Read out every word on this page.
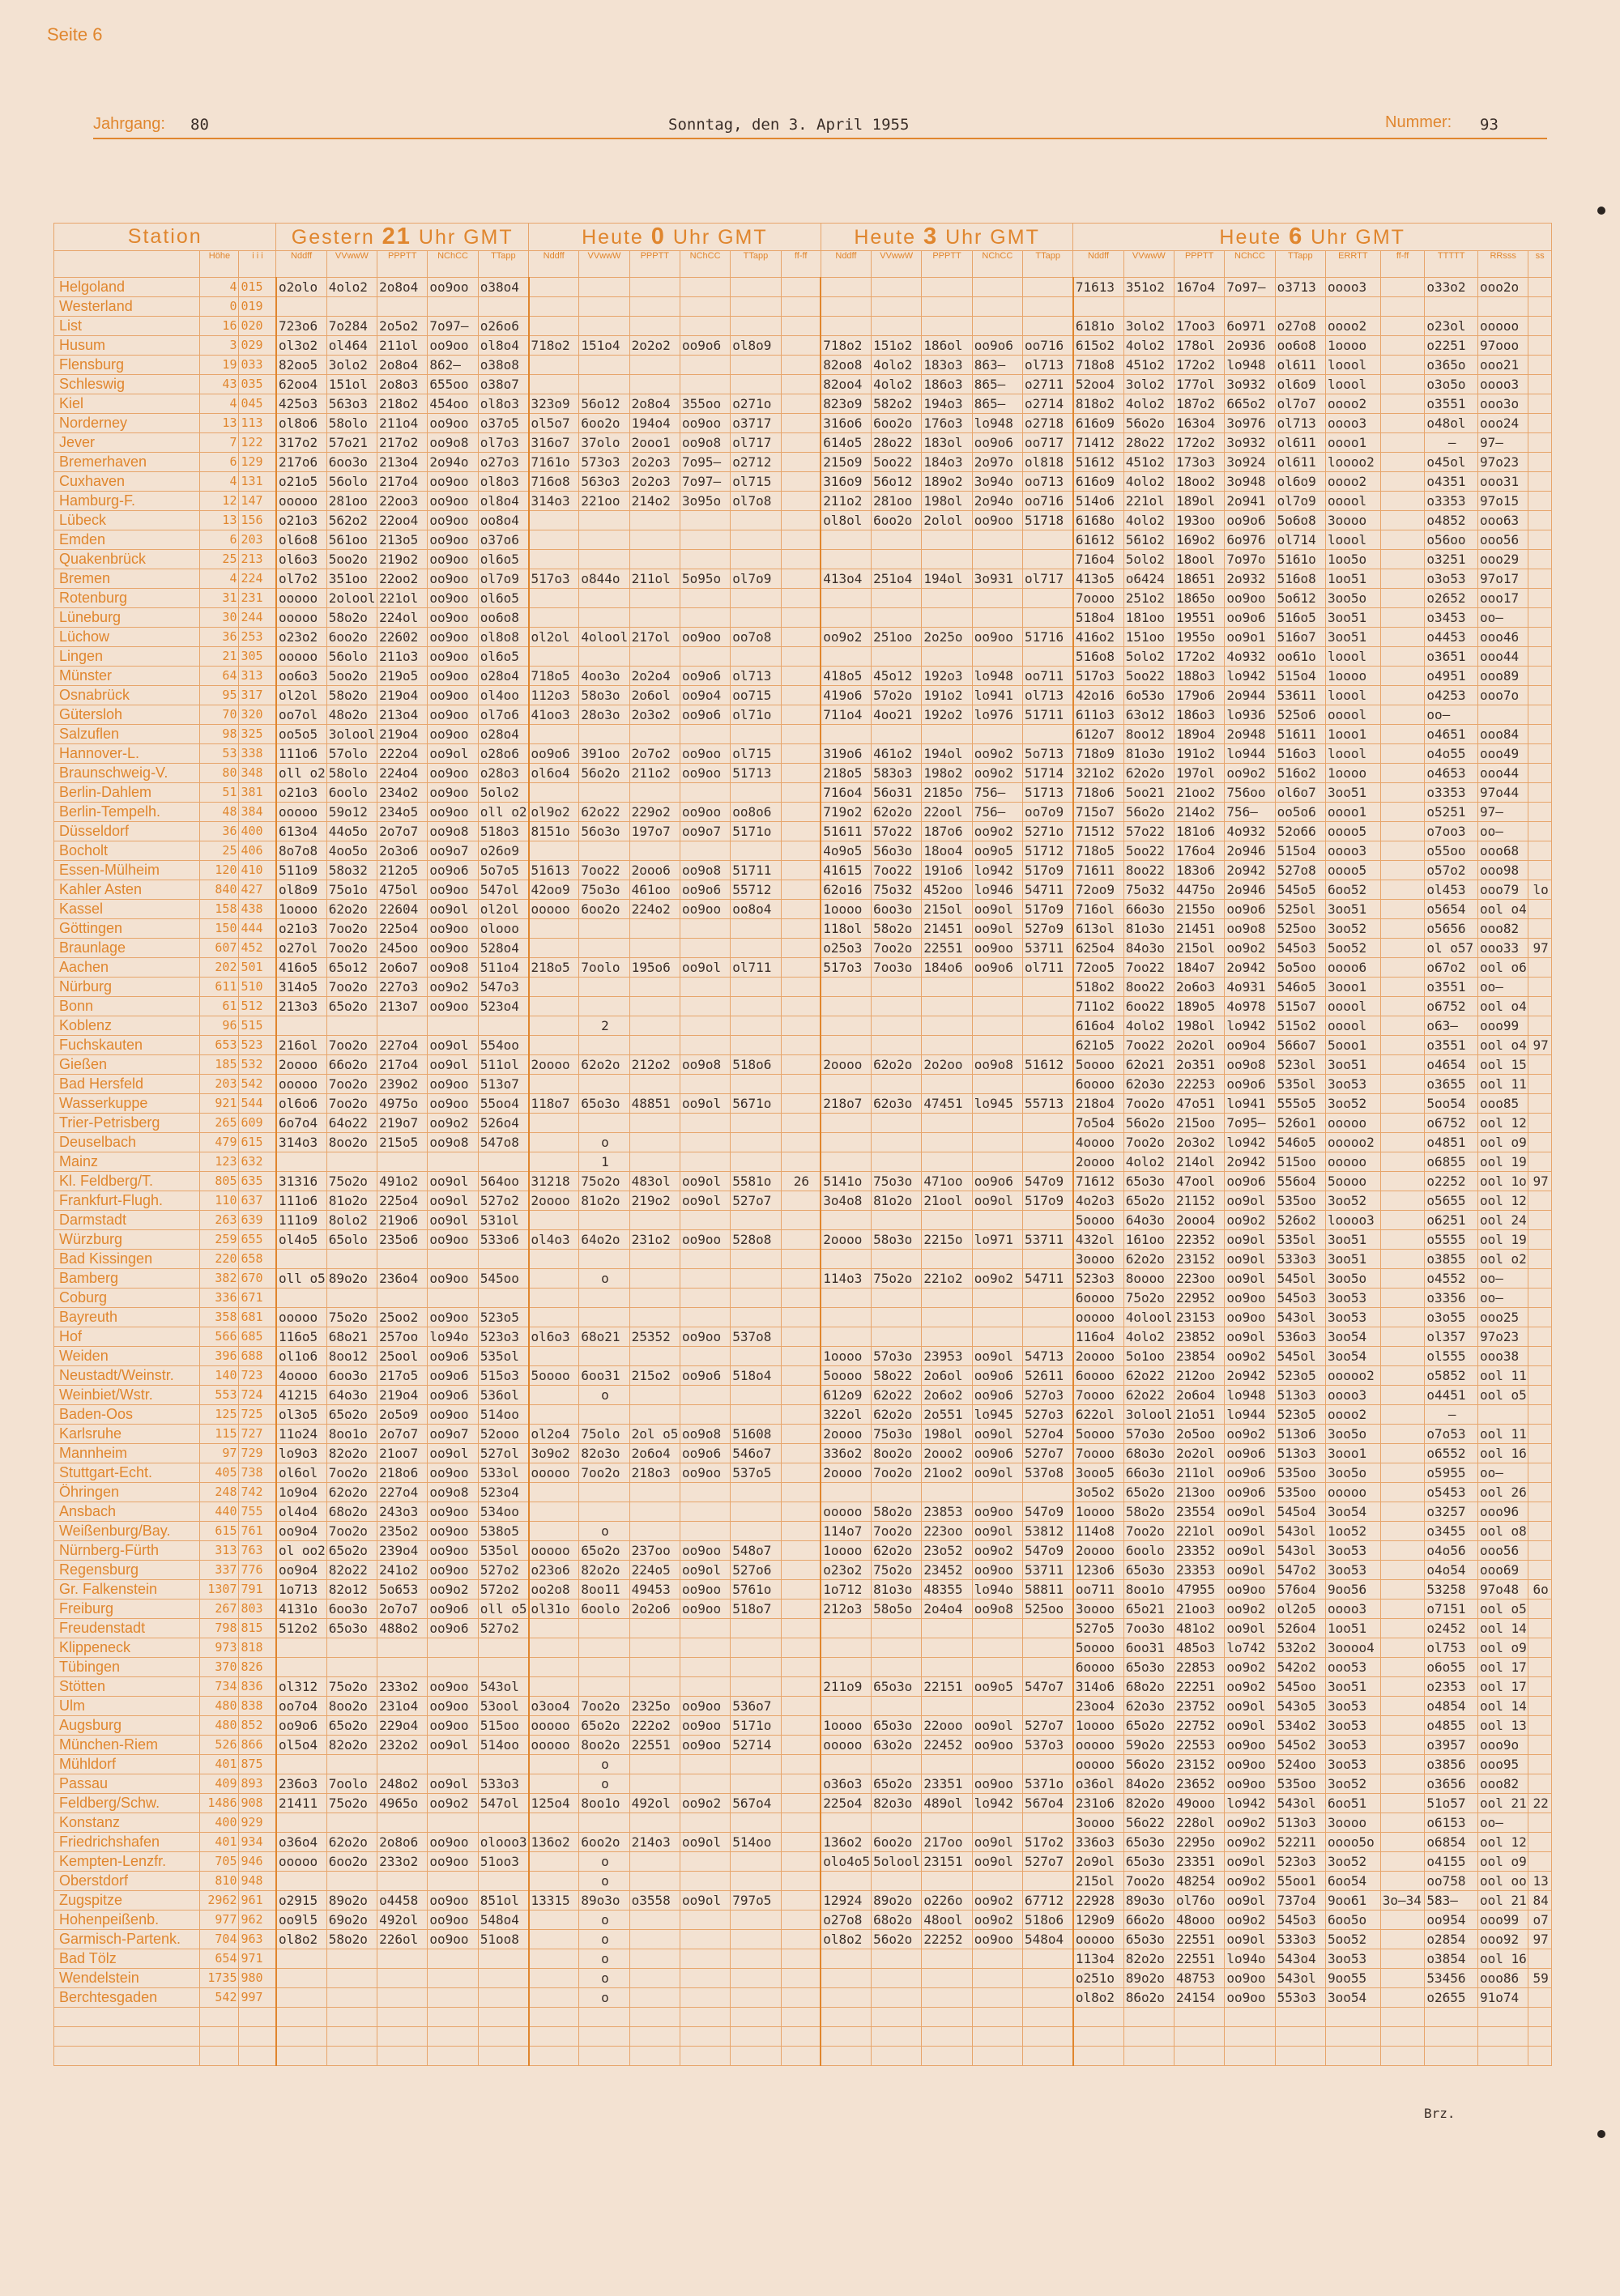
Seite 6
Jahrgang: 80	Sonntag, den 3. April 1955	Nummer: 93
Station			Gestern 21 Uhr GMT					Heute 0 Uhr GMT						Heute 3 Uhr GMT					Heute 6 Uhr GMT									
	Höhe	i i i	Nddff	VVwwW	PPPTT	NChCC	TTapp	Nddff	VVwwW	PPPTT	NChCC	TTapp	ff-ff	Nddff	VVwwW	PPPTT	NChCC	TTapp	Nddff	VVwwW	PPPTT	NChCC	TTapp	ERRTT	ff-ff	TTTTT	RRsss	ss
Helgoland	4	015	o2olo	4olo2	2o8o4	oo9oo	o38o4												71613	351o2	167o4	7o97—	o3713	oooo3		o33o2	ooo2o	
Westerland	0	019																										
List	16	020	723o6	7o284	2o5o2	7o97—	o26o6												6181o	3olo2	17oo3	6o971	o27o8	oooo2		o23ol	ooooo	
Husum	3	029	ol3o2	ol464	211ol	oo9oo	ol8o4	718o2	151o4	2o2o2	oo9o6	ol8o9		718o2	151o2	186ol	oo9o6	oo716	615o2	4olo2	178ol	2o936	oo6o8	1oooo		o2251	97ooo	
Flensburg	19	033	82oo5	3olo2	2o8o4	862—	o38o8							82oo8	4olo2	183o3	863—	ol713	718o8	451o2	172o2	lo948	ol611	loool		o365o	ooo21	
Schleswig	43	035	62oo4	151ol	2o8o3	655oo	o38o7							82oo4	4olo2	186o3	865—	o2711	52oo4	3olo2	177ol	3o932	ol6o9	loool		o3o5o	oooo3	
Kiel	4	045	425o3	563o3	218o2	454oo	ol8o3	323o9	56o12	2o8o4	355oo	o271o		823o9	582o2	194o3	865—	o2714	818o2	4olo2	187o2	665o2	ol7o7	oooo2		o3551	ooo3o	
Norderney	13	113	ol8o6	58olo	211o4	oo9oo	o37o5	ol5o7	6oo2o	194o4	oo9oo	o3717		316o6	6oo2o	176o3	lo948	o2718	616o9	56o2o	163o4	3o976	ol713	oooo3		o48ol	ooo24	
Jever	7	122	317o2	57o21	217o2	oo9o8	ol7o3	316o7	37olo	2ooo1	oo9o8	ol717		614o5	28o22	183ol	oo9o6	oo717	71412	28o22	172o2	3o932	ol611	oooo1		—	97—	
Bremerhaven	6	129	217o6	6oo3o	213o4	2o94o	o27o3	7161o	573o3	2o2o3	7o95—	o2712		215o9	5oo22	184o3	2o97o	ol818	51612	451o2	173o3	3o924	ol611	loooo2		o45ol	97o23	
Cuxhaven	4	131	o21o5	56olo	217o4	oo9oo	ol8o3	716o8	563o3	2o2o3	7o97—	ol715		316o9	56o12	189o2	3o94o	oo713	616o9	4olo2	18oo2	3o948	ol6o9	oooo2		o4351	ooo31	
Hamburg-F.	12	147	ooooo	281oo	22oo3	oo9oo	ol8o4	314o3	221oo	214o2	3o95o	ol7o8		211o2	281oo	198ol	2o94o	oo716	514o6	221ol	189ol	2o941	ol7o9	ooool		o3353	97o15	
Lübeck	13	156	o21o3	562o2	22oo4	oo9oo	oo8o4							ol8ol	6oo2o	2olol	oo9oo	51718	6168o	4olo2	193oo	oo9o6	5o6o8	3oooo		o4852	ooo63	
Emden	6	203	ol6o8	561oo	213o5	oo9oo	o37o6												61612	561o2	169o2	6o976	ol714	loool		o56oo	ooo56	
Quakenbrück	25	213	ol6o3	5oo2o	219o2	oo9oo	ol6o5												716o4	5olo2	18ool	7o97o	5161o	1oo5o		o3251	ooo29	
Bremen	4	224	ol7o2	351oo	22oo2	oo9oo	ol7o9	517o3	o844o	211ol	5o95o	ol7o9		413o4	251o4	194ol	3o931	ol717	413o5	o6424	18651	2o932	516o8	1oo51		o3o53	97o17	
Rotenburg	31	231	ooooo	2olool	221ol	oo9oo	ol6o5												7oooo	251o2	1865o	oo9oo	5o612	3oo5o		o2652	ooo17	
Lüneburg	30	244	ooooo	58o2o	224ol	oo9oo	oo6o8												518o4	181oo	19551	oo9o6	516o5	3oo51		o3453	oo—	
Lüchow	36	253	o23o2	6oo2o	22602	oo9oo	ol8o8	ol2ol	4olool	217ol	oo9oo	oo7o8		oo9o2	251oo	2o25o	oo9oo	51716	416o2	151oo	1955o	oo9o1	516o7	3oo51		o4453	ooo46	
Lingen	21	305	ooooo	56olo	211o3	oo9oo	ol6o5												516o8	5olo2	172o2	4o932	oo61o	loool		o3651	ooo44	
Münster	64	313	oo6o3	5oo2o	219o5	oo9oo	o28o4	718o5	4oo3o	2o2o4	oo9o6	ol713		418o5	45o12	192o3	lo948	oo711	517o3	5oo22	188o3	lo942	515o4	1oooo		o4951	ooo89	
Osnabrück	95	317	ol2ol	58o2o	219o4	oo9oo	ol4oo	112o3	58o3o	2o6ol	oo9o4	oo715		419o6	57o2o	191o2	lo941	ol713	42o16	6o53o	179o6	2o944	53611	loool		o4253	ooo7o	
Gütersloh	70	320	oo7ol	48o2o	213o4	oo9oo	ol7o6	41oo3	28o3o	2o3o2	oo9o6	ol71o		711o4	4oo21	192o2	lo976	51711	611o3	63o12	186o3	lo936	525o6	ooool		oo—		
Salzuflen	98	325	oo5o5	3olool	219o4	oo9oo	o28o4												612o7	8oo12	189o4	2o948	51611	1ooo1		o4651	ooo84	
Hannover-L.	53	338	111o6	57olo	222o4	oo9ol	o28o6	oo9o6	391oo	2o7o2	oo9oo	ol715		319o6	461o2	194ol	oo9o2	5o713	718o9	81o3o	191o2	lo944	516o3	loool		o4o55	ooo49	
Braunschweig-V.	80	348	oll o2	58olo	224o4	oo9oo	o28o3	ol6o4	56o2o	211o2	oo9oo	51713		218o5	583o3	198o2	oo9o2	51714	321o2	62o2o	197ol	oo9o2	516o2	1oooo		o4653	ooo44	
Berlin-Dahlem	51	381	o21o3	6oolo	234o2	oo9oo	5olo2							716o4	56o31	2185o	756—	51713	718o6	5oo21	21oo2	756oo	ol6o7	3oo51		o3353	97o44	
Berlin-Tempelh.	48	384	ooooo	59o12	234o5	oo9oo	oll o2	ol9o2	62o22	229o2	oo9oo	oo8o6		719o2	62o2o	22ool	756—	oo7o9	715o7	56o2o	214o2	756—	oo5o6	oooo1		o5251	97—	
Düsseldorf	36	400	613o4	44o5o	2o7o7	oo9o8	518o3	8151o	56o3o	197o7	oo9o7	5171o		51611	57o22	187o6	oo9o2	5271o	71512	57o22	181o6	4o932	52o66	oooo5		o7oo3	oo—	
Bocholt	25	406	8o7o8	4oo5o	2o3o6	oo9o7	o26o9							4o9o5	56o3o	18oo4	oo9o5	51712	718o5	5oo22	176o4	2o946	515o4	oooo3		o55oo	ooo68	
Essen-Mülheim	120	410	511o9	58o32	212o5	oo9o6	5o7o5	51613	7oo22	2ooo6	oo9o8	51711		41615	7oo22	191o6	lo942	517o9	71611	8oo22	183o6	2o942	527o8	oooo5		o57o2	ooo98	
Kahler Asten	840	427	ol8o9	75o1o	475ol	oo9oo	547ol	42oo9	75o3o	461oo	oo9o6	55712		62o16	75o32	452oo	lo946	54711	72oo9	75o32	4475o	2o946	545o5	6oo52		ol453	ooo79	lo
Kassel	158	438	1oooo	62o2o	22604	oo9ol	ol2ol	ooooo	6oo2o	224o2	oo9oo	oo8o4		1oooo	6oo3o	215ol	oo9ol	517o9	716ol	66o3o	2155o	oo9o6	525ol	3oo51		o5654	ool o4	
Göttingen	150	444	o21o3	7oo2o	225o4	oo9oo	olooo							118ol	58o2o	21451	oo9ol	527o9	613ol	81o3o	21451	oo9o8	525oo	3oo52		o5656	ooo82	
Braunlage	607	452	o27ol	7oo2o	245oo	oo9oo	528o4							o25o3	7oo2o	22551	oo9oo	53711	625o4	84o3o	215ol	oo9o2	545o3	5oo52		ol o57	ooo33	97
Aachen	202	501	416o5	65o12	2o6o7	oo9o8	511o4	218o5	7oolo	195o6	oo9ol	ol711		517o3	7oo3o	184o6	oo9o6	ol711	72oo5	7oo22	184o7	2o942	5o5oo	oooo6		o67o2	ool o6	
Nürburg	611	510	314o5	7oo2o	227o3	oo9o2	547o3												518o2	8oo22	2o6o3	4o931	546o5	3ooo1		o3551	oo—	
Bonn	61	512	213o3	65o2o	213o7	oo9oo	523o4												711o2	6oo22	189o5	4o978	515o7	ooool		o6752	ool o4	
Koblenz	96	515							2										616o4	4olo2	198ol	lo942	515o2	ooool		o63—	ooo99	
Fuchskauten	653	523	216ol	7oo2o	227o4	oo9ol	554oo												621o5	7oo22	2o2ol	oo9o4	566o7	5ooo1		o3551	ool o4	97
Gießen	185	532	2oooo	66o2o	217o4	oo9ol	511ol	2oooo	62o2o	212o2	oo9o8	518o6		2oooo	62o2o	2o2oo	oo9o8	51612	5oooo	62o21	2o351	oo9o8	523ol	3oo51		o4654	ool 15	
Bad Hersfeld	203	542	ooooo	7oo2o	239o2	oo9oo	513o7												6oooo	62o3o	22253	oo9o6	535ol	3oo53		o3655	ool 11	
Wasserkuppe	921	544	ol6o6	7oo2o	4975o	oo9oo	55oo4	118o7	65o3o	48851	oo9ol	5671o		218o7	62o3o	47451	lo945	55713	218o4	7oo2o	47o51	lo941	555o5	3oo52		5oo54	ooo85	
Trier-Petrisberg	265	609	6o7o4	64o22	219o7	oo9o2	526o4												7o5o4	56o2o	215oo	7o95—	526o1	ooooo		o6752	ool 12	
Deuselbach	479	615	314o3	8oo2o	215o5	oo9o8	547o8		o										4oooo	7oo2o	2o3o2	lo942	546o5	ooooo2		o4851	ool o9	
Mainz	123	632							1										2oooo	4olo2	214ol	2o942	515oo	ooooo		o6855	ool 19	
Kl. Feldberg/T.	805	635	31316	75o2o	491o2	oo9ol	564oo	31218	75o2o	483ol	oo9ol	5581o	26	5141o	75o3o	471oo	oo9o6	547o9	71612	65o3o	47ool	oo9o6	556o4	5oooo		o2252	ool 1o	97
Frankfurt-Flugh.	110	637	111o6	81o2o	225o4	oo9ol	527o2	2oooo	81o2o	219o2	oo9ol	527o7		3o4o8	81o2o	21ool	oo9ol	517o9	4o2o3	65o2o	21152	oo9ol	535oo	3oo52		o5655	ool 12	
Darmstadt	263	639	111o9	8olo2	219o6	oo9ol	531ol												5oooo	64o3o	2ooo4	oo9o2	526o2	loooo3		o6251	ool 24	
Würzburg	259	655	ol4o5	65olo	235o6	oo9oo	533o6	ol4o3	64o2o	231o2	oo9oo	528o8		2oooo	58o3o	2215o	lo971	53711	432ol	161oo	22352	oo9ol	535ol	3oo51		o5555	ool 19	
Bad Kissingen	220	658																	3oooo	62o2o	23152	oo9ol	533o3	3oo51		o3855	ool o2	
Bamberg	382	670	oll o5	89o2o	236o4	oo9oo	545oo		o					114o3	75o2o	221o2	oo9o2	54711	523o3	8oooo	223oo	oo9ol	545ol	3oo5o		o4552	oo—	
Coburg	336	671																	6oooo	75o2o	22952	oo9oo	545o3	3oo53		o3356	oo—	
Bayreuth	358	681	ooooo	75o2o	25oo2	oo9oo	523o5												ooooo	4olool	23153	oo9oo	543ol	3oo53		o3o55	ooo25	
Hof	566	685	116o5	68o21	257oo	lo94o	523o3	ol6o3	68o21	25352	oo9oo	537o8							116o4	4olo2	23852	oo9ol	536o3	3oo54		ol357	97o23	
Weiden	396	688	ol1o6	8oo12	25ool	oo9o6	535ol							1oooo	57o3o	23953	oo9ol	54713	2oooo	5o1oo	23854	oo9o2	545ol	3oo54		ol555	ooo38	
Neustadt/Weinstr.	140	723	4oooo	6oo3o	217o5	oo9o6	515o3	5oooo	6oo31	215o2	oo9o6	518o4		5oooo	58o22	2o6ol	oo9o6	52611	6oooo	62o22	212oo	2o942	523o5	ooooo2		o5852	ool 11	
Weinbiet/Wstr.	553	724	41215	64o3o	219o4	oo9o6	536ol		o					612o9	62o22	2o6o2	oo9o6	527o3	7oooo	62o22	2o6o4	lo948	513o3	oooo3		o4451	ool o5	
Baden-Oos	125	725	ol3o5	65o2o	2o5o9	oo9oo	514oo							322ol	62o2o	2o551	lo945	527o3	622ol	3olool	21o51	lo944	523o5	oooo2		—		
Karlsruhe	115	727	11o24	8oo1o	2o7o7	oo9o7	52ooo	ol2o4	75olo	2ol o5	oo9o8	51608		2oooo	75o3o	198ol	oo9ol	527o4	5oooo	57o3o	2o5oo	oo9o2	513o6	3oo5o		o7o53	ool 11	
Mannheim	97	729	lo9o3	82o2o	21oo7	oo9ol	527ol	3o9o2	82o3o	2o6o4	oo9o6	546o7		336o2	8oo2o	2ooo2	oo9o6	527o7	7oooo	68o3o	2o2ol	oo9o6	513o3	3ooo1		o6552	ool 16	
Stuttgart-Echt.	405	738	ol6ol	7oo2o	218o6	oo9oo	533ol	ooooo	7oo2o	218o3	oo9oo	537o5		2oooo	7oo2o	21oo2	oo9ol	537o8	3ooo5	66o3o	211ol	oo9o6	535oo	3oo5o		o5955	oo—	
Öhringen	248	742	1o9o4	62o2o	227o4	oo9o8	523o4												3o5o2	65o2o	213oo	oo9o6	535oo	ooooo		o5453	ool 26	
Ansbach	440	755	ol4o4	68o2o	243o3	oo9oo	534oo							ooooo	58o2o	23853	oo9oo	547o9	1oooo	58o2o	23554	oo9ol	545o4	3oo54		o3257	ooo96	
Weißenburg/Bay.	615	761	oo9o4	7oo2o	235o2	oo9oo	538o5		o					114o7	7oo2o	223oo	oo9ol	53812	114o8	7oo2o	221ol	oo9ol	543ol	1oo52		o3455	ool o8	
Nürnberg-Fürth	313	763	ol oo2	65o2o	239o4	oo9oo	535ol	ooooo	65o2o	237oo	oo9oo	548o7		1oooo	62o2o	23o52	oo9o2	547o9	2oooo	6oolo	23352	oo9ol	543ol	3oo53		o4o56	ooo56	
Regensburg	337	776	oo9o4	82o22	241o2	oo9oo	527o2	o23o6	82o2o	224o5	oo9ol	527o6		o23o2	75o2o	23452	oo9oo	53711	123o6	65o3o	23353	oo9ol	547o2	3oo53		o4o54	ooo69	
Gr. Falkenstein	1307	791	1o713	82o12	5o653	oo9o2	572o2	oo2o8	8oo11	49453	oo9oo	5761o		1o712	81o3o	48355	lo94o	58811	oo711	8oo1o	47955	oo9oo	576o4	9oo56		53258	97o48	6o
Freiburg	267	803	4131o	6oo3o	2o7o7	oo9o6	oll o5	ol31o	6oolo	2o2o6	oo9oo	518o7		212o3	58o5o	2o4o4	oo9o8	525oo	3oooo	65o21	21oo3	oo9o2	ol2o5	oooo3		o7151	ool o5	
Freudenstadt	798	815	512o2	65o3o	488o2	oo9o6	527o2												527o5	7oo3o	481o2	oo9ol	526o4	1oo51		o2452	ool 14	
Klippeneck	973	818																	5oooo	6oo31	485o3	lo742	532o2	3oooo4		ol753	ool o9	
Tübingen	370	826																	6oooo	65o3o	22853	oo9o2	542o2	ooo53		o6o55	ool 17	
Stötten	734	836	ol312	75o2o	233o2	oo9oo	543ol							211o9	65o3o	22151	oo9o5	547o7	314o6	68o2o	22251	oo9o2	545oo	3oo51		o2353	ool 17	
Ulm	480	838	oo7o4	8oo2o	231o4	oo9oo	53ool	o3oo4	7oo2o	2325o	oo9oo	536o7							23oo4	62o3o	23752	oo9ol	543o5	3oo53		o4854	ool 14	
Augsburg	480	852	oo9o6	65o2o	229o4	oo9oo	515oo	ooooo	65o2o	222o2	oo9oo	5171o		1oooo	65o3o	22ooo	oo9ol	527o7	1oooo	65o2o	22752	oo9ol	534o2	3oo53		o4855	ool 13	
München-Riem	526	866	ol5o4	82o2o	232o2	oo9ol	514oo	ooooo	8oo2o	22551	oo9oo	52714		ooooo	63o2o	22452	oo9oo	537o3	ooooo	59o2o	22553	oo9oo	545o2	3oo53		o3957	ooo9o	
Mühldorf	401	875							o										ooooo	56o2o	23152	oo9oo	524oo	3oo53		o3856	ooo95	
Passau	409	893	236o3	7oolo	248o2	oo9ol	533o3		o					o36o3	65o2o	23351	oo9oo	5371o	o36ol	84o2o	23652	oo9oo	535oo	3oo52		o3656	ooo82	
Feldberg/Schw.	1486	908	21411	75o2o	4965o	oo9o2	547ol	125o4	8oo1o	492ol	oo9o2	567o4		225o4	82o3o	489ol	lo942	567o4	231o6	82o2o	49ooo	lo942	543ol	6oo51		51o57	ool 21	22
Konstanz	400	929																	3oooo	56o22	228ol	oo9o2	513o3	3oooo		o6153	oo—	
Friedrichshafen	401	934	o36o4	62o2o	2o8o6	oo9oo	olooo3	136o2	6oo2o	214o3	oo9ol	514oo		136o2	6oo2o	217oo	oo9ol	517o2	336o3	65o3o	2295o	oo9o2	52211	oooo5o		o6854	ool 12	
Kempten-Lenzfr.	705	946	ooooo	6oo2o	233o2	oo9oo	51oo3		o					olo4o5	5olool	23151	oo9ol	527o7	2o9ol	65o3o	23351	oo9ol	523o3	3oo52		o4155	ool o9	
Oberstdorf	810	948							o										215ol	7oo2o	48254	oo9o2	55oo1	6oo54		oo758	ool oo	13
Zugspitze	2962	961	o2915	89o2o	o4458	oo9oo	851ol	13315	89o3o	o3558	oo9ol	797o5		12924	89o2o	o226o	oo9o2	67712	22928	89o3o	ol76o	oo9ol	737o4	9oo61	3o—34	583—	ool 21	84
Hohenpeißenb.	977	962	oo9l5	69o2o	492ol	oo9oo	548o4		o					o27o8	68o2o	48ool	oo9o2	518o6	129o9	66o2o	48ooo	oo9o2	545o3	6oo5o		oo954	ooo99	o7
Garmisch-Partenk.	704	963	ol8o2	58o2o	226ol	oo9oo	51oo8		o					ol8o2	56o2o	22252	oo9oo	548o4	ooooo	65o3o	22551	oo9ol	533o3	5oo52		o2854	ooo92	97
Bad Tölz	654	971							o										113o4	82o2o	22551	lo94o	543o4	3oo53		o3854	ool 16	
Wendelstein	1735	980							o										o251o	89o2o	48753	oo9oo	543ol	9oo55		53456	ooo86	59
Berchtesgaden	542	997							o										ol8o2	86o2o	24154	oo9oo	553o3	3oo54		o2655	91o74	

Brz.
